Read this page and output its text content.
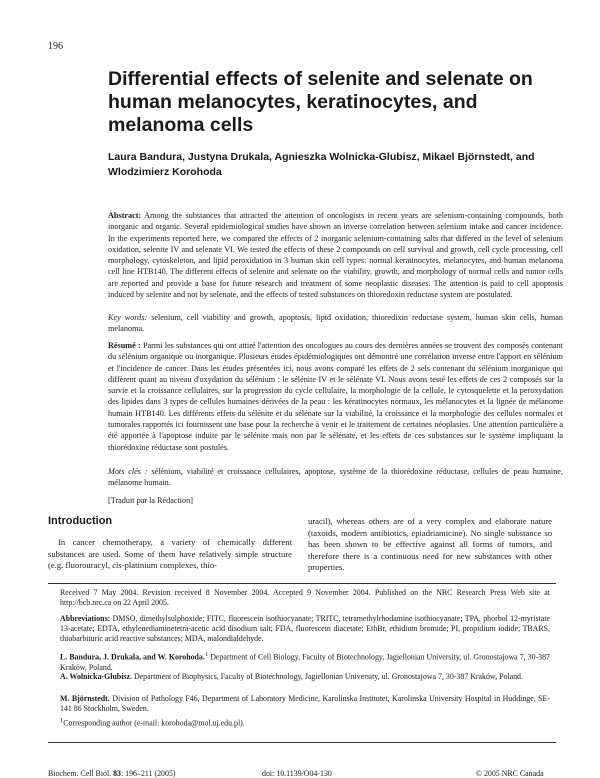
196
Differential effects of selenite and selenate on human melanocytes, keratinocytes, and melanoma cells
Laura Bandura, Justyna Drukala, Agnieszka Wolnicka-Glubisz, Mikael Björnstedt, and Wlodzimierz Korohoda

Abstract: Among the substances that attracted the attention of oncologists in recent years are selenium-containing compounds, both inorganic and organic. Several epidemiological studies have shown an inverse correlation between selenium intake and cancer incidence. In the experiments reported here, we compared the effects of 2 inorganic selenium-containing salts that differed in the level of selenium oxidation, selenite IV and selenate VI. We tested the effects of these 2 compounds on cell survival and growth, cell cycle processing, cell morphology, cytoskeleton, and lipid peroxidation in 3 human skin cell types: normal keratinocytes, melanocytes, and human melanoma cell line HTB140. The different effects of selenite and selenate on the viability, growth, and morphology of normal cells and tumor cells are reported and provide a base for future research and treatment of some neoplastic diseases. The attention is paid to cell apoptosis induced by selenite and not by selenate, and the effects of tested substances on thioredoxin reductase system are postulated.

Key words: selenium, cell viability and growth, apoptosis, lipid oxidation, thioredixin reductase system, human skin cells, human melanoma.

Résumé : Parmi les substances qui ont attiré l'attention des oncologues au cours des dernières années se trouvent des composés contenant du sélénium organique ou inorganique. Plusieurs études épidémiologiques ont démontré une corrélation inverse entre l'apport en sélénium et l'incidence de cancer. Dans les études présentées ici, nous avons comparé les effets de 2 sels contenant du sélénium inorganique qui diffèrent quant au niveau d'oxydation du sélénium : le sélénite IV et le sélénate VI. Nous avons testé les effets de ces 2 composés sur la survie et la croissance cellulaires, sur la progression du cycle cellulaire, la morphologie de la cellule, le cytosquelette et la peroxydation des lipides dans 3 types de cellules humaines dérivées de la peau : les kératinocytes normaux, les mélanocytes et la lignée de mélanome humain HTB140. Les différents effets du sélénite et du sélénate sur la viabilité, la croissance et la morphologie des cellules normales et tumorales rapportés ici fournissent une base pour la recherche à venir et le traitement de certaines néoplasies. Une attention particulière a été apportée à l'apoptose induite par le sélénite mais non par le sélénate, et les effets de ces substances sur le système impliquant la thiorédoxine réductase sont postulés.

Mots clés : sélénium, viabilité et croissance cellulaires, apoptose, système de la thiorédoxine réductase, cellules de peau humaine, mélanome humain.

[Traduit par la Rédaction]

Introduction

In cancer chemotherapy, a variety of chemically different substances are used. Some of them have relatively simple structure (e.g. fluorouracyl, cis-platinium complexes, thio-

uracil), whereas others are of a very complex and elaborate nature (taxoids, modern antibiotics, epiadriamicine). No single substance so has been shown to be effective against all forms of tumors, and therefore there is a continuous need for new substances with other properties.

Received 7 May 2004. Revision received 8 November 2004. Accepted 9 November 2004. Published on the NRC Research Press Web site at http://bcb.nrc.ca on 22 April 2005.

Abbreviations: DMSO, dimethylsulphoxide; FITC, fluorescein isothiocyanate; TRITC, tetramethylrhodamine isothiocyanate; TPA, phorbol 12-myristate 13-acetate; EDTA, ethylenediaminetetra-acetic acid disodium salt; FDA, fluorescein diacetate; EthBr, ethidium bromide; PI, propidium iodide; TBARS, thiobarbituric acid reactive substances; MDA, malondialdehyde.

L. Bandura, J. Drukala, and W. Korohoda.$^1$ Department of Cell Biology, Faculty of Biotechnology, Jagiellonian University, ul. Gronostajowa 7, 30-387 Kraków, Poland.

A. Wolnicka-Glubisz. Department of Biophysics, Faculty of Biotechnology, Jagiellonian University, ul. Gronostajowa 7, 30-387 Kraków, Poland.

M. Björnstedt. Division of Pathology F46, Department of Laboratory Medicine, Karolinska Institutet, Karolinska University Hospital in Huddinge, SE-141 86 Stockholm, Sweden.

$^1$Corresponding author (e-mail: korohoda@mol.uj.edu.pl).

Biochem. Cell Biol. 83: 196–211 (2005)	doi: 10.1139/O04-130	© 2005 NRC Canada
